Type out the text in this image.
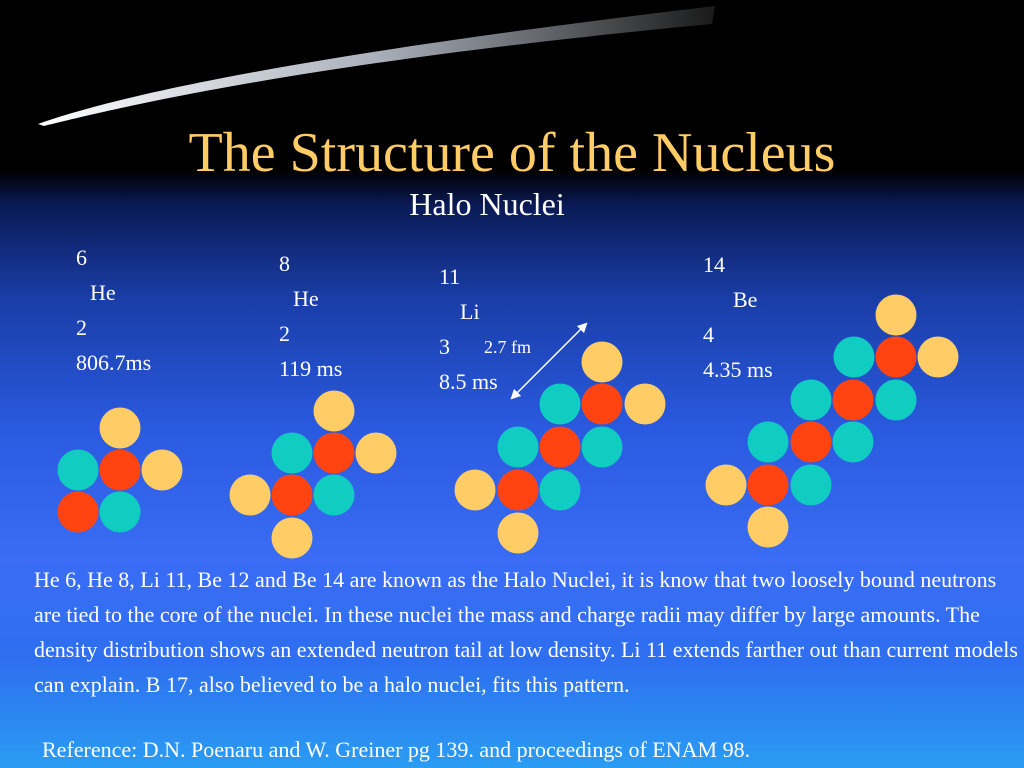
The Structure of the Nucleus
Halo Nuclei
6
He
2
806.7ms
8
He
2
119 ms
11
Li
3
8.5 ms
2.7 fm
14
Be
4
4.35 ms

He 6, He 8, Li 11, Be 12 and Be 14 are known as the Halo Nuclei, it is know that two loosely bound neutrons are tied to the core of the nuclei. In these nuclei the mass and charge radii may differ by large amounts. The density distribution shows an extended neutron tail at low density. Li 11 extends farther out than current models can explain. B 17, also believed to be a halo nuclei, fits this pattern.

Reference: D.N. Poenaru and W. Greiner pg 139. and proceedings of ENAM 98.
